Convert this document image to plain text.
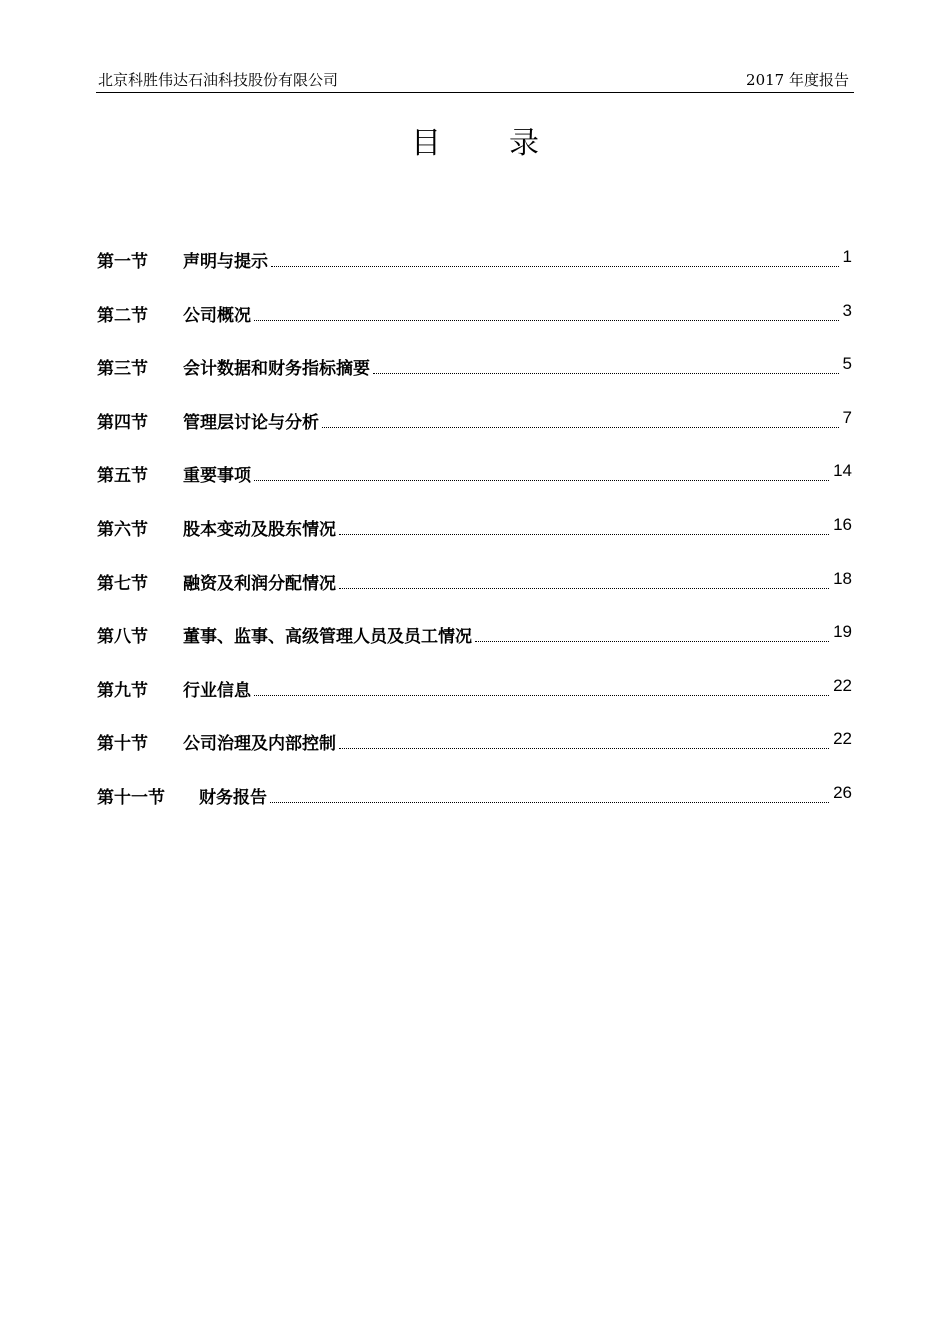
北京科胜伟达石油科技股份有限公司	2017 年度报告
目录
第一节	声明与提示	1
第二节	公司概况	3
第三节	会计数据和财务指标摘要	5
第四节	管理层讨论与分析	7
第五节	重要事项	14
第六节	股本变动及股东情况	16
第七节	融资及利润分配情况	18
第八节	董事、监事、高级管理人员及员工情况	19
第九节	行业信息	22
第十节	公司治理及内部控制	22
第十一节	财务报告	26
